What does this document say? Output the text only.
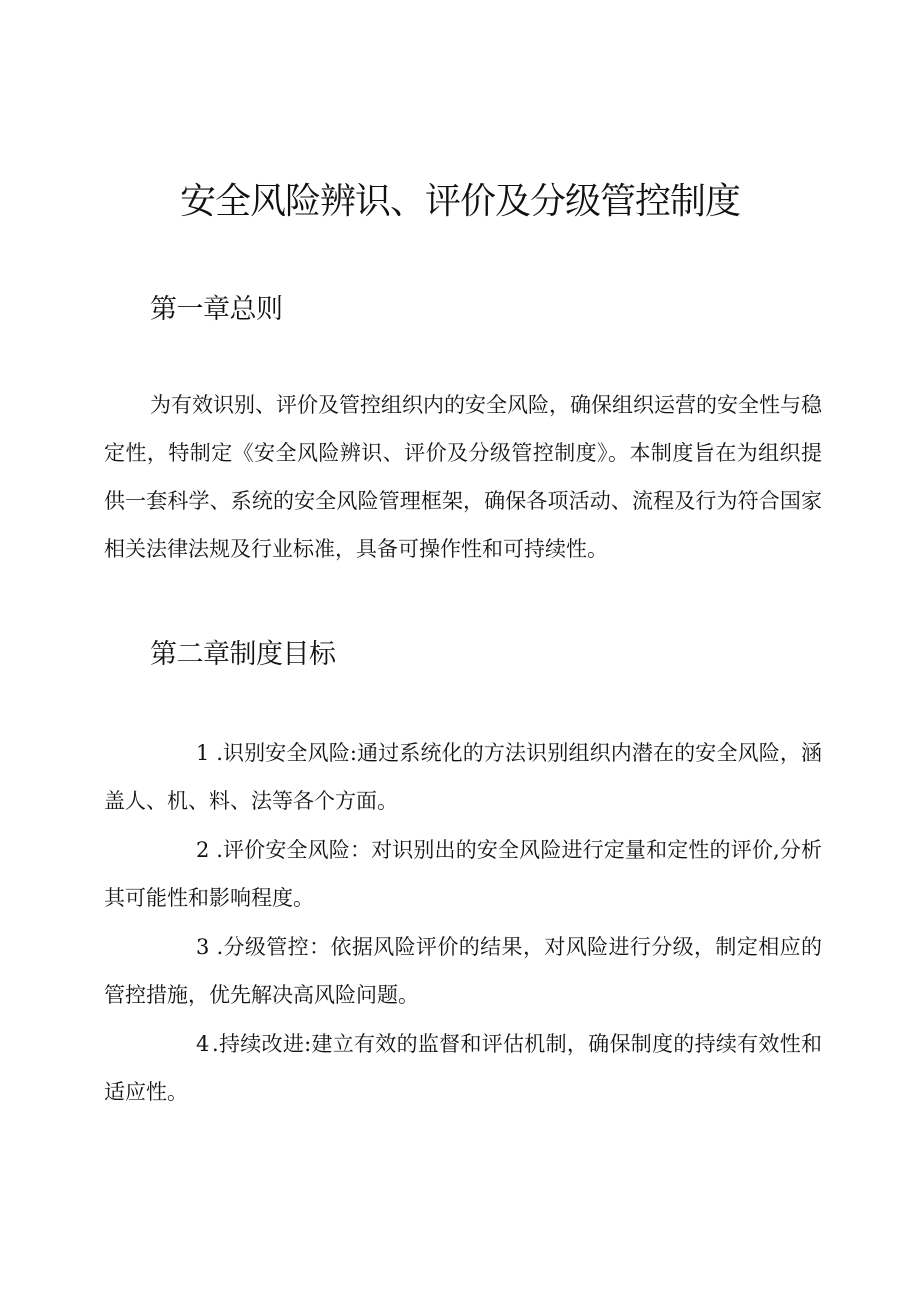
安全风险辨识、评价及分级管控制度
第一章总则

为有效识别、评价及管控组织内的安全风险，确保组织运营的安全性与稳定性，特制定《安全风险辨识、评价及分级管控制度》。本制度旨在为组织提供一套科学、系统的安全风险管理框架，确保各项活动、流程及行为符合国家相关法律法规及行业标准，具备可操作性和可持续性。

第二章制度目标

1 .识别安全风险:通过系统化的方法识别组织内潜在的安全风险，涵盖人、机、料、法等各个方面。

2 .评价安全风险：对识别出的安全风险进行定量和定性的评价,分析其可能性和影响程度。

3 .分级管控：依据风险评价的结果，对风险进行分级，制定相应的管控措施，优先解决高风险问题。

4 .持续改进:建立有效的监督和评估机制，确保制度的持续有效性和适应性。
